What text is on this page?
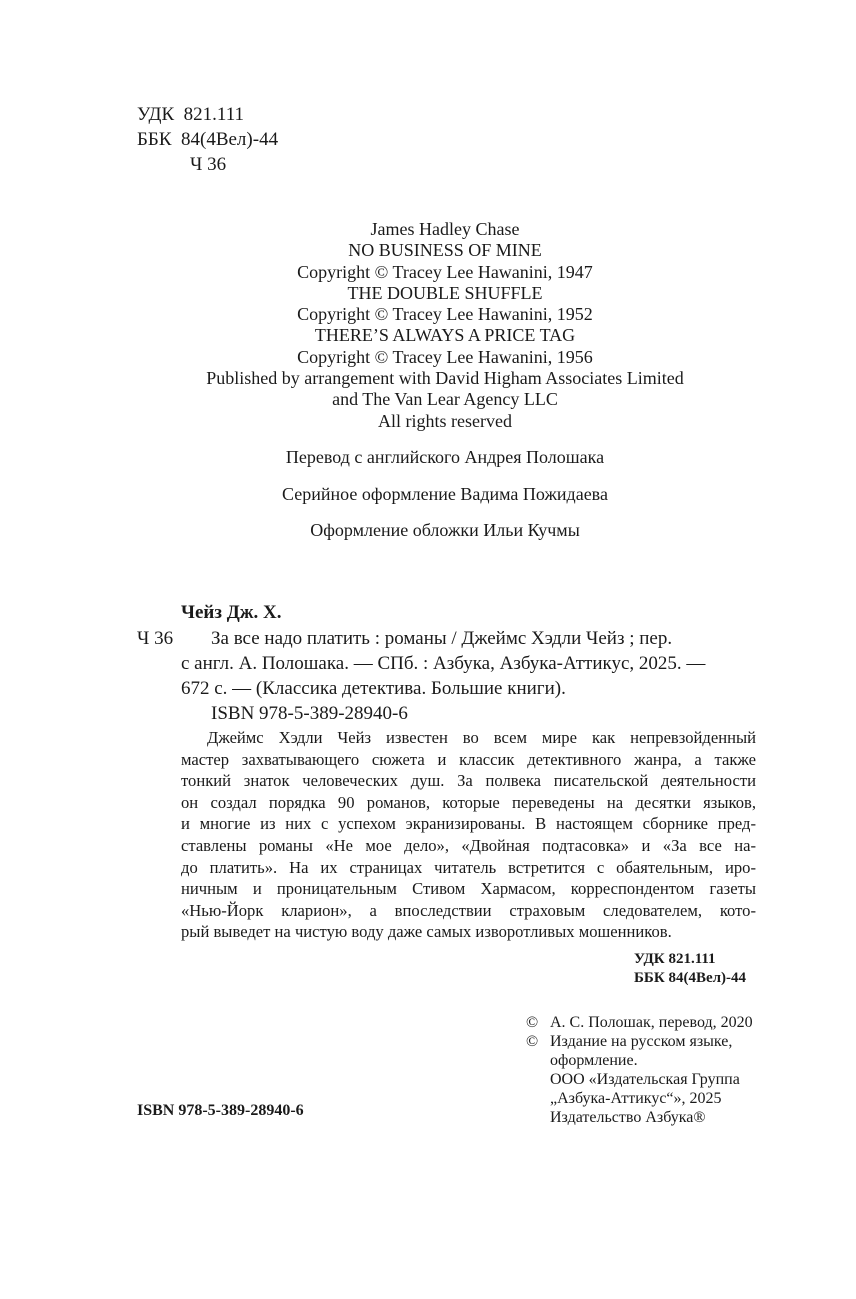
УДК 821.111
ББК 84(4Вел)-44
Ч 36
James Hadley Chase
NO BUSINESS OF MINE
Copyright © Tracey Lee Hawanini, 1947
THE DOUBLE SHUFFLE
Copyright © Tracey Lee Hawanini, 1952
THERE’S ALWAYS A PRICE TAG
Copyright © Tracey Lee Hawanini, 1956
Published by arrangement with David Higham Associates Limited
and The Van Lear Agency LLC
All rights reserved
Перевод с английского Андрея Полошака
Серийное оформление Вадима Пожидаева
Оформление обложки Ильи Кучмы
Чейз Дж. Х.
Ч 36 За все надо платить : романы / Джеймс Хэдли Чейз ; пер.
с англ. А. Полошака. — СПб. : Азбука, Азбука-Аттикус, 2025. —
672 с. — (Классика детектива. Большие книги).
ISBN 978-5-389-28940-6
Джеймс Хэдли Чейз известен во всем мире как непревзойденный
мастер захватывающего сюжета и классик детективного жанра, а также
тонкий знаток человеческих душ. За полвека писательской деятельности
он создал порядка 90 романов, которые переведены на десятки языков,
и многие из них с успехом экранизированы. В настоящем сборнике пред-
ставлены романы «Не мое дело», «Двойная подтасовка» и «За все на-
до платить». На их страницах читатель встретится с обаятельным, иро-
ничным и проницательным Стивом Хармасом, корреспондентом газеты
«Нью-Йорк кларион», а впоследствии страховым следователем, кото-
рый выведет на чистую воду даже самых изворотливых мошенников.
УДК 821.111
ББК 84(4Вел)-44
© А. С. Полошак, перевод, 2020
© Издание на русском языке,
оформление.
ООО «Издательская Группа
„Азбука-Аттикус“», 2025
Издательство Азбука®
ISBN 978-5-389-28940-6
